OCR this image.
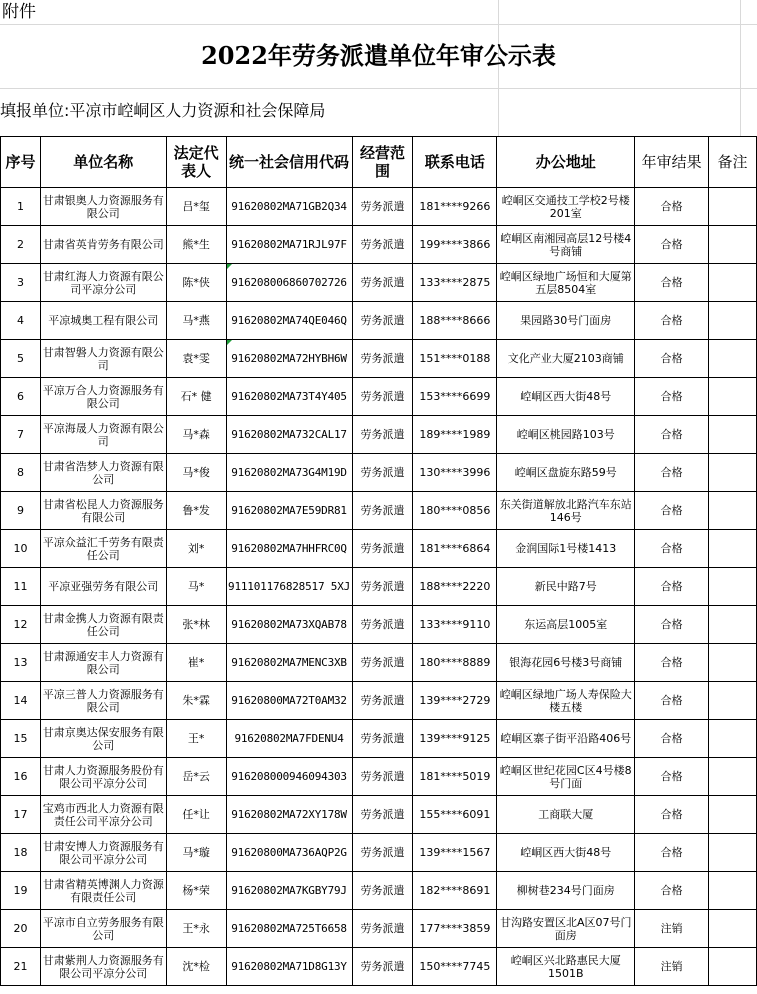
附件
2022年劳务派遣单位年审公示表
填报单位:平凉市崆峒区人力资源和社会保障局
序号	单位名称	法定代表人	统一社会信用代码	经营范围	联系电话	办公地址	年审结果	备注
1	甘肃银奥人力资源服务有限公司	吕*玺	91620802MA71GB2Q34	劳务派遣	181****9266	崆峒区交通技工学校2号楼201室	合格	
2	甘肃省英肯劳务有限公司	熊*生	91620802MA71RJL97F	劳务派遣	199****3866	崆峒区南湘园高层12号楼4号商铺	合格	
3	甘肃红海人力资源有限公司平凉分公司	陈*侠	916208006860702726	劳务派遣	133****2875	崆峒区绿地广场恒和大厦第五层8504室	合格	
4	平凉城奥工程有限公司	马*燕	91620802MA74QE046Q	劳务派遣	188****8666	果园路30号门面房	合格	
5	甘肃智磐人力资源有限公司	袁*雯	91620802MA72HYBH6W	劳务派遣	151****0188	文化产业大厦2103商铺	合格	
6	平凉万合人力资源服务有限公司	石* 健	91620802MA73T4Y405	劳务派遣	153****6699	崆峒区西大街48号	合格	
7	平凉海晟人力资源有限公司	马*森	91620802MA732CAL17	劳务派遣	189****1989	崆峒区桃园路103号	合格	
8	甘肃省浩梦人力资源有限公司	马*俊	91620802MA73G4M19D	劳务派遣	130****3996	崆峒区盘旋东路59号	合格	
9	甘肃省松昆人力资源服务有限公司	鲁*发	91620802MA7E59DR81	劳务派遣	180****0856	东关街道解放北路汽车东站146号	合格	
10	平凉众益汇千劳务有限责任公司	刘*	91620802MA7HHFRC0Q	劳务派遣	181****6864	金润国际1号楼1413	合格	
11	平凉亚强劳务有限公司	马*	911101176828517 5XJ	劳务派遣	188****2220	新民中路7号	合格	
12	甘肃金携人力资源有限责任公司	张*林	91620802MA73XQAB78	劳务派遣	133****9110	东运高层1005室	合格	
13	甘肃源通安丰人力资源有限公司	崔*	91620802MA7MENC3XB	劳务派遣	180****8889	银海花园6号楼3号商铺	合格	
14	平凉三普人力资源服务有限公司	朱*霖	91620800MA72T0AM32	劳务派遣	139****2729	崆峒区绿地广场人寿保险大楼五楼	合格	
15	甘肃京奥达保安服务有限公司	王*	91620802MA7FDENU4	劳务派遣	139****9125	崆峒区寨子街平沿路406号	合格	
16	甘肃人力资源服务股份有限公司平凉分公司	岳*云	916208000946094303	劳务派遣	181****5019	崆峒区世纪花园C区4号楼8号门面	合格	
17	宝鸡市西北人力资源有限责任公司平凉分公司	任*让	91620802MA72XY178W	劳务派遣	155****6091	工商联大厦	合格	
18	甘肃安博人力资源服务有限公司平凉分公司	马*璇	91620800MA736AQP2G	劳务派遣	139****1567	崆峒区西大街48号	合格	
19	甘肃省精英博渊人力资源有限责任公司	杨*荣	91620802MA7KGBY79J	劳务派遣	182****8691	柳树巷234号门面房	合格	
20	平凉市自立劳务服务有限公司	王*永	91620802MA725T6658	劳务派遣	177****3859	甘沟路安置区北A区07号门面房	注销	
21	甘肃紫荆人力资源服务有限公司平凉分公司	沈*检	91620802MA71D8G13Y	劳务派遣	150****7745	崆峒区兴北路惠民大厦1501B	注销	
